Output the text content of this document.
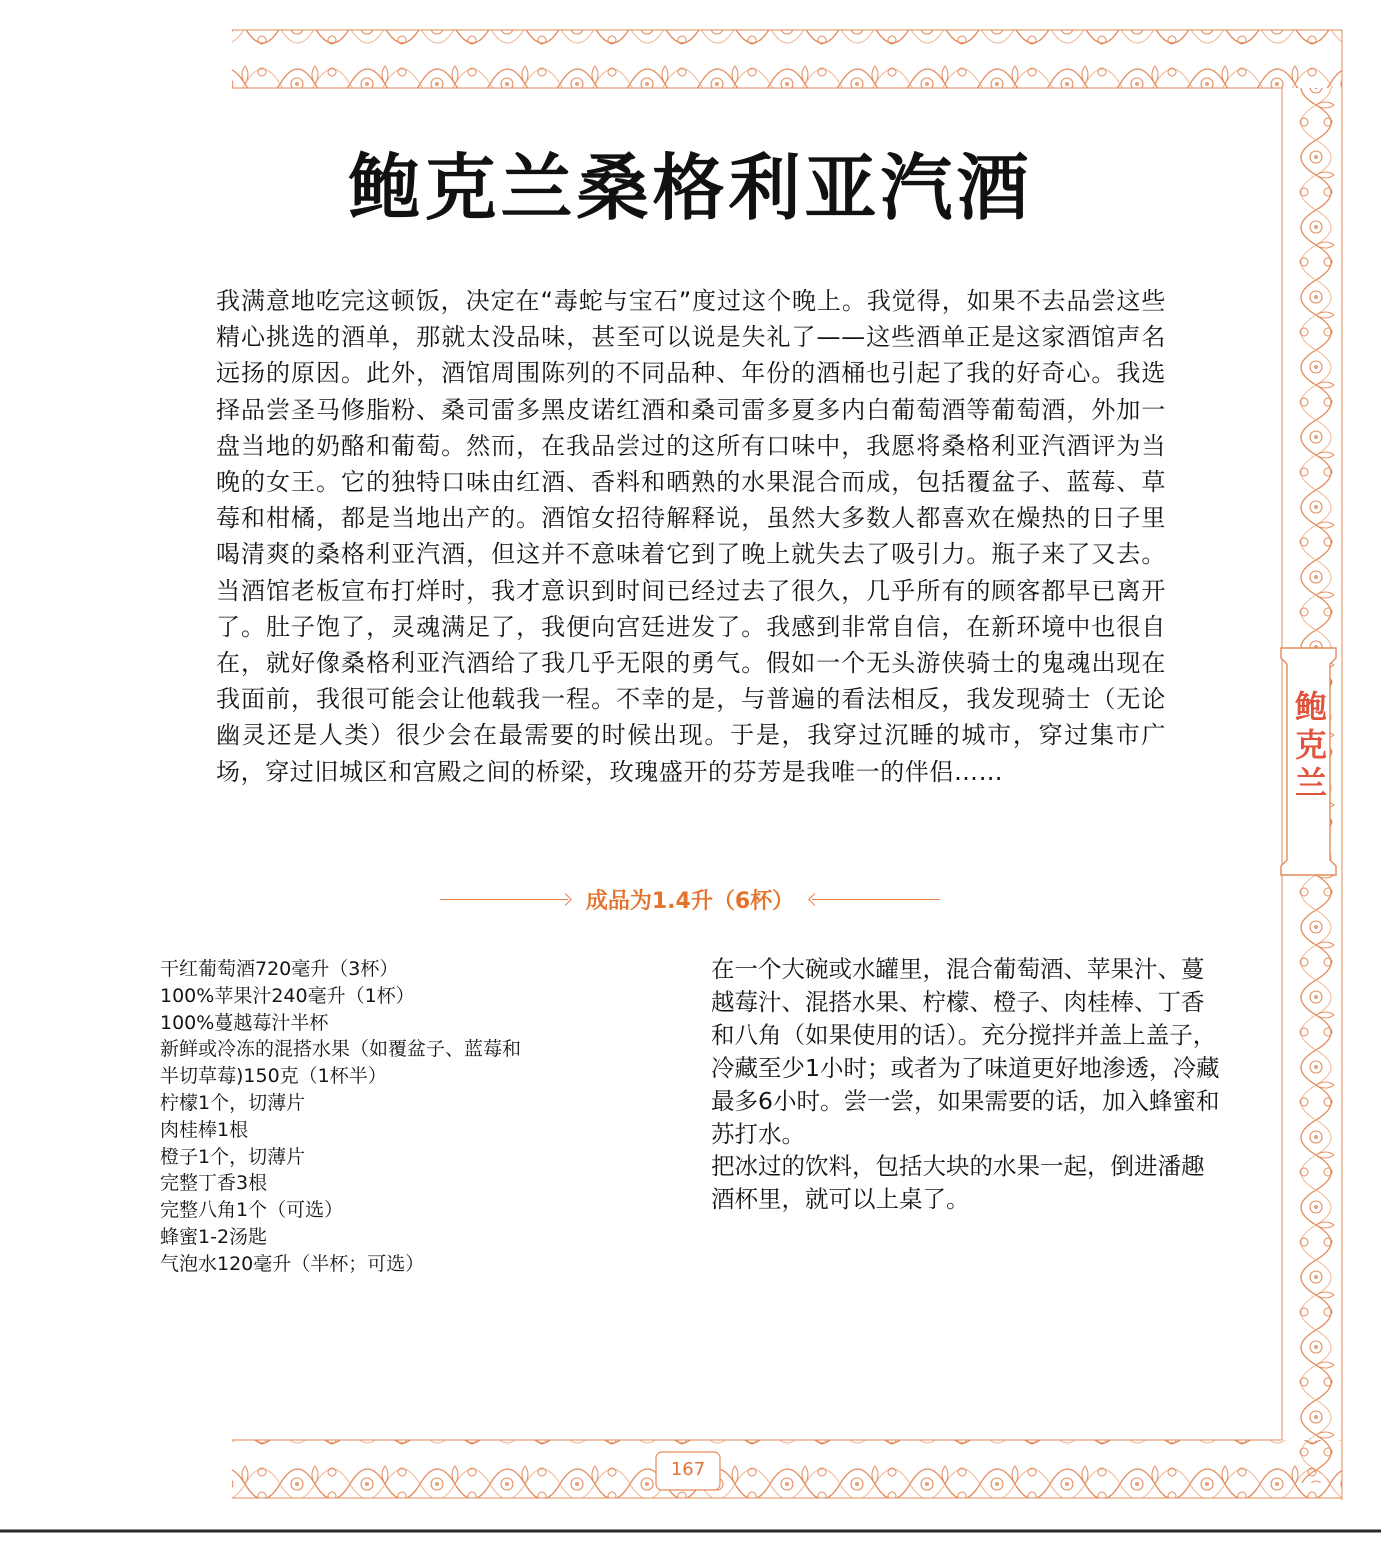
鲍克兰桑格利亚汽酒

我满意地吃完这顿饭，决定在“毒蛇与宝石”度过这个晚上。我觉得，如果不去品尝这些精心挑选的酒单，那就太没品味，甚至可以说是失礼了——这些酒单正是这家酒馆声名远扬的原因。此外，酒馆周围陈列的不同品种、年份的酒桶也引起了我的好奇心。我选择品尝圣马修脂粉、桑司雷多黑皮诺红酒和桑司雷多夏多内白葡萄酒等葡萄酒，外加一盘当地的奶酪和葡萄。然而，在我品尝过的这所有口味中，我愿将桑格利亚汽酒评为当晚的女王。它的独特口味由红酒、香料和晒熟的水果混合而成，包括覆盆子、蓝莓、草莓和柑橘，都是当地出产的。酒馆女招待解释说，虽然大多数人都喜欢在燥热的日子里喝清爽的桑格利亚汽酒，但这并不意味着它到了晚上就失去了吸引力。瓶子来了又去。当酒馆老板宣布打烊时，我才意识到时间已经过去了很久，几乎所有的顾客都早已离开了。肚子饱了，灵魂满足了，我便向宫廷进发了。我感到非常自信，在新环境中也很自在，就好像桑格利亚汽酒给了我几乎无限的勇气。假如一个无头游侠骑士的鬼魂出现在我面前，我很可能会让他载我一程。不幸的是，与普遍的看法相反，我发现骑士（无论幽灵还是人类）很少会在最需要的时候出现。于是，我穿过沉睡的城市，穿过集市广场，穿过旧城区和宫殿之间的桥梁，玫瑰盛开的芬芳是我唯一的伴侣……

成品为1.4升（6杯）
干红葡萄酒720毫升（3杯）
100%苹果汁240毫升（1杯）
100%蔓越莓汁半杯
新鲜或冷冻的混搭水果（如覆盆子、蓝莓和
半切草莓)150克（1杯半）
柠檬1个，切薄片
肉桂棒1根
橙子1个，切薄片
完整丁香3根
完整八角1个（可选）
蜂蜜1-2汤匙
气泡水120毫升（半杯；可选）

在一个大碗或水罐里，混合葡萄酒、苹果汁、蔓越莓汁、混搭水果、柠檬、橙子、肉桂棒、丁香和八角（如果使用的话）。充分搅拌并盖上盖子，冷藏至少1小时；或者为了味道更好地渗透，冷藏最多6小时。尝一尝，如果需要的话，加入蜂蜜和苏打水。

把冰过的饮料，包括大块的水果一起，倒进潘趣酒杯里，就可以上桌了。

鲍克兰
167
